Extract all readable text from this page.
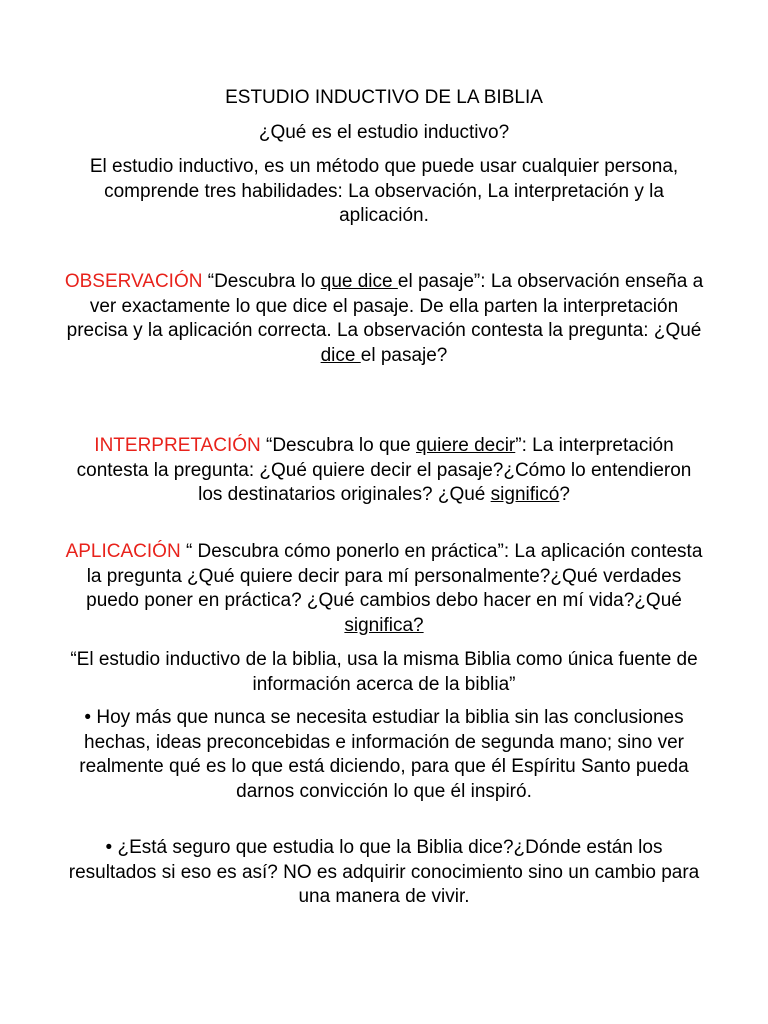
ESTUDIO INDUCTIVO DE LA BIBLIA

¿Qué es el estudio inductivo?

El estudio inductivo, es un método que puede usar cualquier persona, comprende tres habilidades: La observación, La interpretación y la aplicación.

OBSERVACIÓN “Descubra lo que dice el pasaje”: La observación enseña a ver exactamente lo que dice el pasaje. De ella parten la interpretación precisa y la aplicación correcta. La observación contesta la pregunta: ¿Qué dice el pasaje?

INTERPRETACIÓN “Descubra lo que quiere decir”: La interpretación contesta la pregunta: ¿Qué quiere decir el pasaje?¿Cómo lo entendieron los destinatarios originales? ¿Qué significó?

APLICACIÓN “ Descubra cómo ponerlo en práctica”: La aplicación contesta la pregunta ¿Qué quiere decir para mí personalmente?¿Qué verdades puedo poner en práctica? ¿Qué cambios debo hacer en mí vida?¿Qué significa?

“El estudio inductivo de la biblia, usa la misma Biblia como única fuente de información acerca de la biblia”

• Hoy más que nunca se necesita estudiar la biblia sin las conclusiones hechas, ideas preconcebidas e información de segunda mano; sino ver realmente qué es lo que está diciendo, para que él Espíritu Santo pueda darnos convicción lo que él inspiró.

• ¿Está seguro que estudia lo que la Biblia dice?¿Dónde están los resultados si eso es así? NO es adquirir conocimiento sino un cambio para una manera de vivir.
